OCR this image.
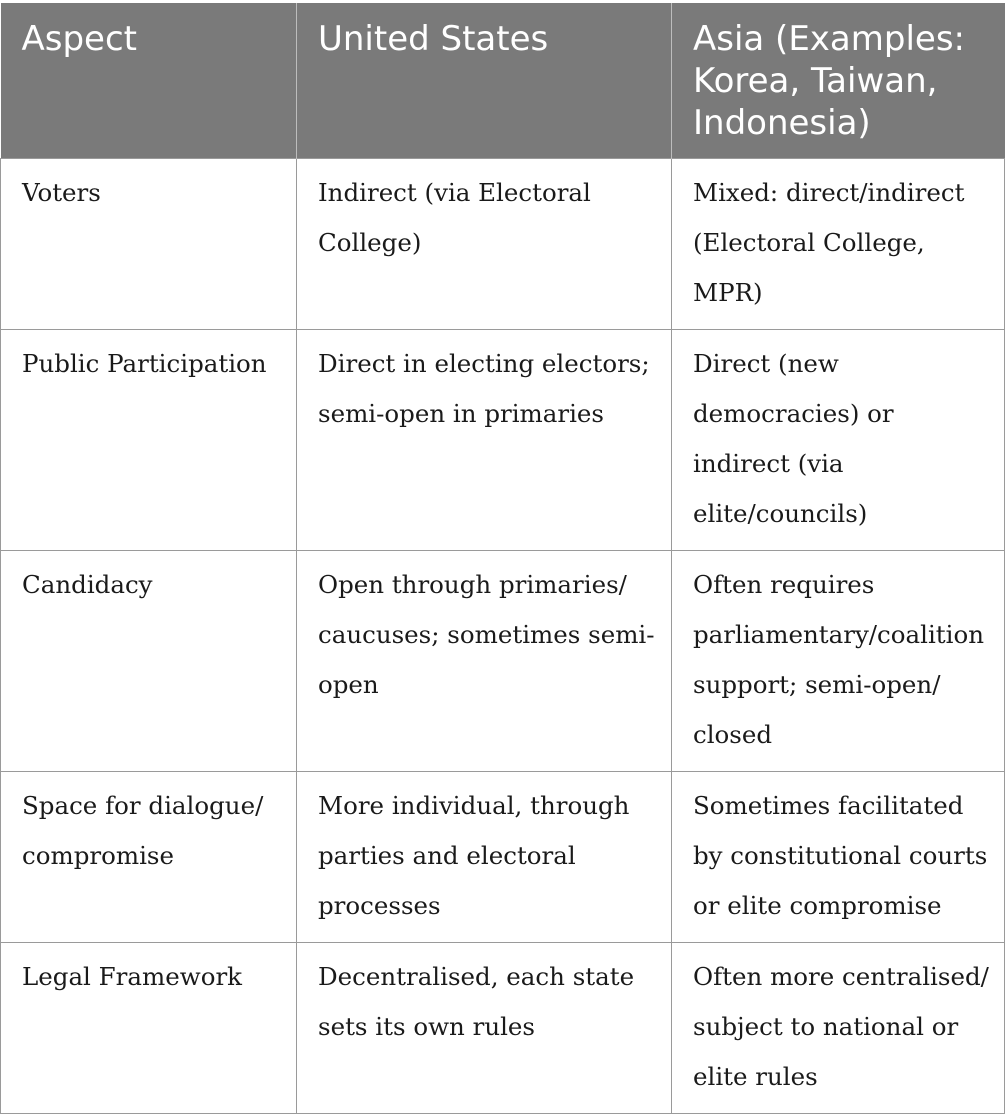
Aspect	United States	Asia (Examples: Korea, Taiwan, Indonesia)
Voters	Indirect (via Electoral College)	Mixed: direct/indirect (Electoral College, MPR)
Public Participation	Direct in electing electors; semi-open in primaries	Direct (new democracies) or indirect (via elite/councils)
Candidacy	Open through primaries/ caucuses; sometimes semi-open	Often requires parliamentary/coalition support; semi-open/ closed
Space for dialogue/ compromise	More individual, through parties and electoral processes	Sometimes facilitated by constitutional courts or elite compromise
Legal Framework	Decentralised, each state sets its own rules	Often more centralised/ subject to national or elite rules
